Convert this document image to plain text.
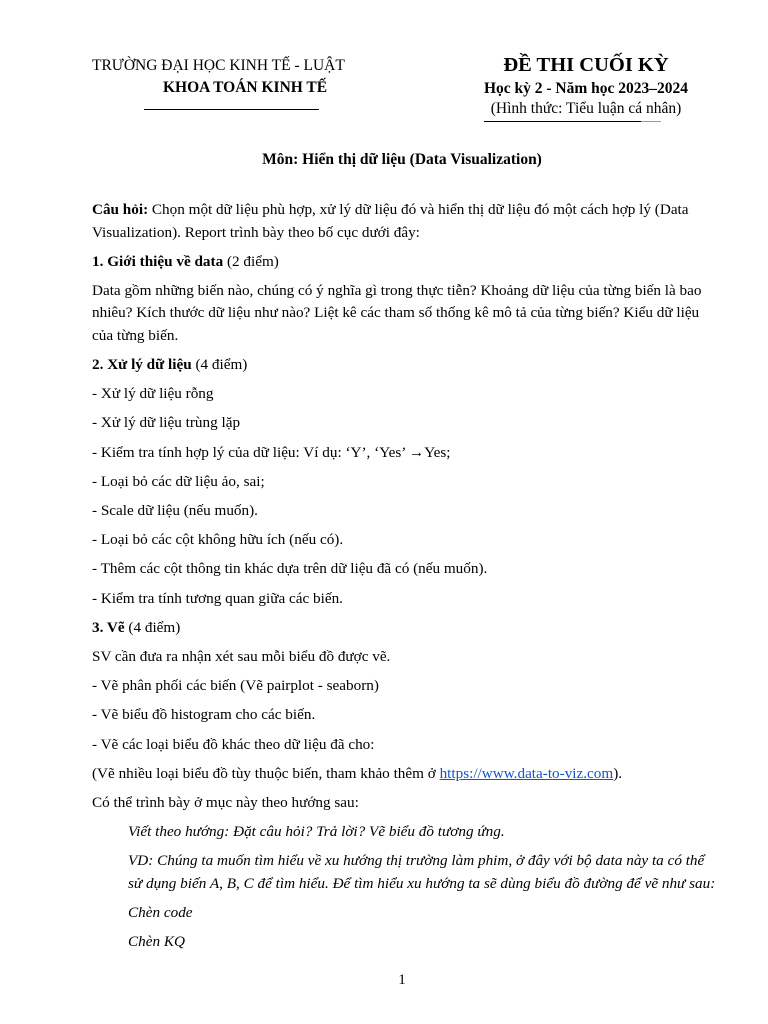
TRƯỜNG ĐẠI HỌC KINH TẾ - LUẬT
KHOA TOÁN KINH TẾ
ĐỀ THI CUỐI KỲ
Học kỳ 2 - Năm học 2023–2024
(Hình thức: Tiểu luận cá nhân)
Môn: Hiển thị dữ liệu (Data Visualization)

Câu hỏi: Chọn một dữ liệu phù hợp, xử lý dữ liệu đó và hiển thị dữ liệu đó một cách hợp lý (Data Visualization). Report trình bày theo bố cục dưới đây:

1. Giới thiệu về data (2 điểm)

Data gồm những biến nào, chúng có ý nghĩa gì trong thực tiễn? Khoảng dữ liệu của từng biến là bao nhiêu? Kích thước dữ liệu như nào? Liệt kê các tham số thống kê mô tả của từng biến? Kiểu dữ liệu của từng biến.

2. Xử lý dữ liệu (4 điểm)

- Xử lý dữ liệu rỗng

- Xử lý dữ liệu trùng lặp

- Kiểm tra tính hợp lý của dữ liệu: Ví dụ: ‘Y’, ‘Yes’ →Yes;

- Loại bỏ các dữ liệu ảo, sai;

- Scale dữ liệu (nếu muốn).

- Loại bỏ các cột không hữu ích (nếu có).

- Thêm các cột thông tin khác dựa trên dữ liệu đã có (nếu muốn).

- Kiểm tra tính tương quan giữa các biến.

3. Vẽ (4 điểm)

SV cần đưa ra nhận xét sau mỗi biểu đồ được vẽ.

- Vẽ phân phối các biến (Vẽ pairplot - seaborn)

- Vẽ biểu đồ histogram cho các biến.

- Vẽ các loại biểu đồ khác theo dữ liệu đã cho:

(Vẽ nhiều loại biểu đồ tùy thuộc biến, tham khảo thêm ở https://www.data-to-viz.com).

Có thể trình bày ở mục này theo hướng sau:

Viết theo hướng: Đặt câu hỏi? Trả lời? Vẽ biểu đồ tương ứng.

VD: Chúng ta muốn tìm hiểu về xu hướng thị trường làm phim, ở đây với bộ data này ta có thể sử dụng biến A, B, C để tìm hiểu. Để tìm hiểu xu hướng ta sẽ dùng biểu đồ đường để vẽ như sau:

Chèn code

Chèn KQ

1
